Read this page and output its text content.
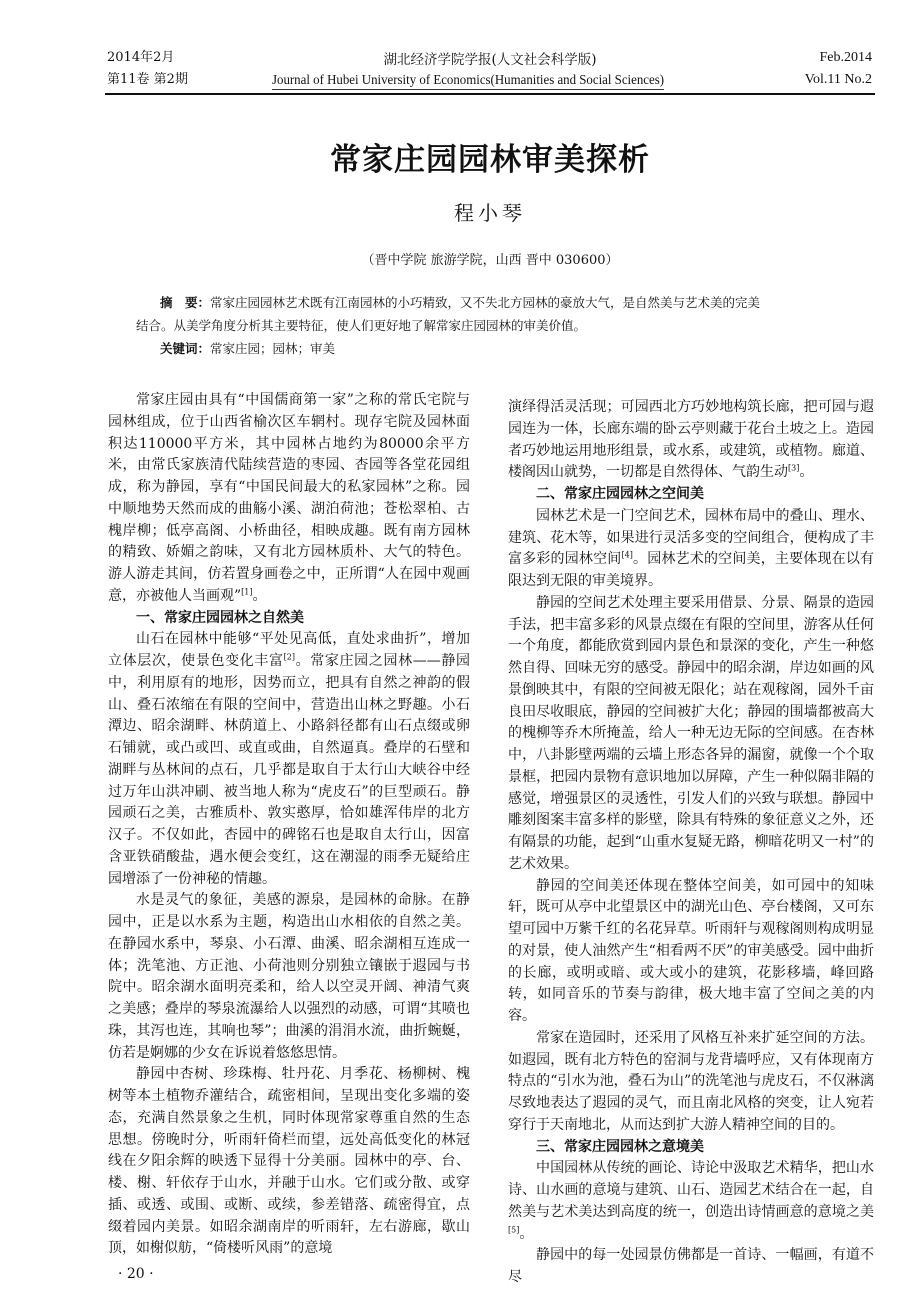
2014年2月
第11卷 第2期
湖北经济学院学报(人文社会科学版)
Journal of Hubei University of Economics(Humanities and Social Sciences)
Feb.2014
Vol.11 No.2
常家庄园园林审美探析
程小琴
（晋中学院 旅游学院，山西 晋中 030600）
摘　要：常家庄园园林艺术既有江南园林的小巧精致，又不失北方园林的豪放大气，是自然美与艺术美的完美
结合。从美学角度分析其主要特征，使人们更好地了解常家庄园园林的审美价值。
关键词：常家庄园；园林；审美

常家庄园由具有“中国儒商第一家”之称的常氏宅院与园林组成，位于山西省榆次区车辋村。现存宅院及园林面积达110000平方米，其中园林占地约为80000余平方米，由常氏家族清代陆续营造的枣园、杏园等各堂花园组成，称为静园，享有“中国民间最大的私家园林”之称。园中顺地势天然而成的曲觞小溪、湖泊荷池；苍松翠柏、古槐岸柳；低亭高阁、小桥曲径，相映成趣。既有南方园林的精致、娇媚之韵味，又有北方园林质朴、大气的特色。游人游走其间，仿若置身画卷之中，正所谓“人在园中观画意，亦被他人当画观”[1]。

一、常家庄园园林之自然美

山石在园林中能够“平处见高低，直处求曲折”，增加立体层次，使景色变化丰富[2]。常家庄园之园林——静园中，利用原有的地形，因势而立，把具有自然之神韵的假山、叠石浓缩在有限的空间中，营造出山林之野趣。小石潭边、昭余湖畔、林荫道上、小路斜径都有山石点缀或卵石铺就，或凸或凹、或直或曲，自然逼真。叠岸的石壁和湖畔与丛林间的点石，几乎都是取自于太行山大峡谷中经过万年山洪冲刷、被当地人称为“虎皮石”的巨型顽石。静园顽石之美，古雅质朴、敦实憨厚，恰如雄浑伟岸的北方汉子。不仅如此，杏园中的碑铭石也是取自太行山，因富含亚铁硝酸盐，遇水便会变红，这在潮湿的雨季无疑给庄园增添了一份神秘的情趣。

水是灵气的象征，美感的源泉，是园林的命脉。在静园中，正是以水系为主题，构造出山水相依的自然之美。在静园水系中，琴泉、小石潭、曲溪、昭余湖相互连成一体；洗笔池、方正池、小荷池则分别独立镶嵌于遐园与书院中。昭余湖水面明亮柔和，给人以空灵开阔、神清气爽之美感；叠岸的琴泉流瀑给人以强烈的动感，可谓“其喷也珠，其泻也连，其响也琴”；曲溪的涓涓水流，曲折蜿蜒，仿若是婀娜的少女在诉说着悠悠思情。

静园中杏树、珍珠梅、牡丹花、月季花、杨柳树、槐树等本土植物乔灌结合，疏密相间，呈现出变化多端的姿态，充满自然景象之生机，同时体现常家尊重自然的生态思想。傍晚时分，听雨轩倚栏而望，远处高低变化的林冠线在夕阳余辉的映透下显得十分美丽。园林中的亭、台、楼、榭、轩依存于山水，并融于山水。它们或分散、或穿插、或透、或围、或断、或续，参差错落、疏密得宜，点缀着园内美景。如昭余湖南岸的听雨轩，左右游廊，歇山顶，如榭似舫，“倚楼听风雨”的意境

演绎得活灵活现；可园西北方巧妙地构筑长廊，把可园与遐园连为一体，长廊东端的卧云亭则藏于花台土坡之上。造园者巧妙地运用地形组景，或水系，或建筑，或植物。廊道、楼阁因山就势，一切都是自然得体、气韵生动[3]。

二、常家庄园园林之空间美

园林艺术是一门空间艺术，园林布局中的叠山、理水、建筑、花木等，如果进行灵活多变的空间组合，便构成了丰富多彩的园林空间[4]。园林艺术的空间美，主要体现在以有限达到无限的审美境界。

静园的空间艺术处理主要采用借景、分景、隔景的造园手法，把丰富多彩的风景点缀在有限的空间里，游客从任何一个角度，都能欣赏到园内景色和景深的变化，产生一种悠然自得、回味无穷的感受。静园中的昭余湖，岸边如画的风景倒映其中，有限的空间被无限化；站在观稼阁，园外千亩良田尽收眼底，静园的空间被扩大化；静园的围墙都被高大的槐柳等乔木所掩盖，给人一种无边无际的空间感。在杏林中，八卦影壁两端的云墙上形态各异的漏窗，就像一个个取景框，把园内景物有意识地加以屏障，产生一种似隔非隔的感觉，增强景区的灵透性，引发人们的兴致与联想。静园中雕刻图案丰富多样的影壁，除具有特殊的象征意义之外，还有隔景的功能，起到“山重水复疑无路，柳暗花明又一村”的艺术效果。

静园的空间美还体现在整体空间美，如可园中的知味轩，既可从亭中北望景区中的湖光山色、亭台楼阁，又可东望可园中万紫千红的名花异草。听雨轩与观稼阁则构成明显的对景，使人油然产生“相看两不厌”的审美感受。园中曲折的长廊，或明或暗、或大或小的建筑，花影移墙，峰回路转，如同音乐的节奏与韵律，极大地丰富了空间之美的内容。

常家在造园时，还采用了风格互补来扩延空间的方法。如遐园，既有北方特色的窑洞与龙背墙呼应，又有体现南方特点的“引水为池，叠石为山”的洗笔池与虎皮石，不仅淋漓尽致地表达了遐园的灵气，而且南北风格的突变，让人宛若穿行于天南地北，从而达到扩大游人精神空间的目的。

三、常家庄园园林之意境美

中国园林从传统的画论、诗论中汲取艺术精华，把山水诗、山水画的意境与建筑、山石、造园艺术结合在一起，自然美与艺术美达到高度的统一，创造出诗情画意的意境之美[5]。

静园中的每一处园景仿佛都是一首诗、一幅画，有道不尽

· 20 ·
